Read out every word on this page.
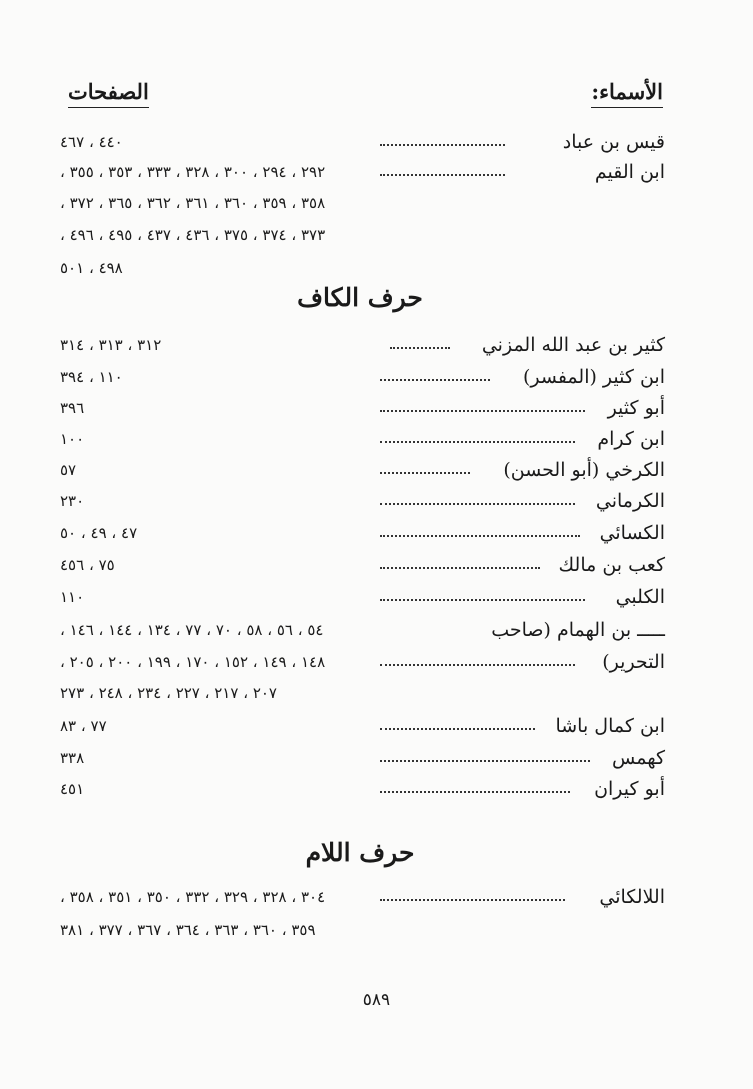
الأسماء:
الصفحات
قيس بن عباد
٤٤٠ ، ٤٦٧
ابن القيم
٢٩٢ ، ٢٩٤ ، ٣٠٠ ، ٣٢٨ ، ٣٣٣ ، ٣٥٣ ، ٣٥٥ ،
٣٥٨ ، ٣٥٩ ، ٣٦٠ ، ٣٦١ ، ٣٦٢ ، ٣٦٥ ، ٣٧٢ ،
٣٧٣ ، ٣٧٤ ، ٣٧٥ ، ٤٣٦ ، ٤٣٧ ، ٤٩٥ ، ٤٩٦ ،
٤٩٨ ، ٥٠١
حرف الكاف
كثير بن عبد الله المزني
٣١٢ ، ٣١٣ ، ٣١٤
ابن كثير (المفسر)
١١٠ ، ٣٩٤
أبو كثير
٣٩٦
ابن كرام
١٠٠
الكرخي (أبو الحسن)
٥٧
الكرماني
٢٣٠
الكسائي
٤٧ ، ٤٩ ، ٥٠
كعب بن مالك
٧٥ ، ٤٥٦
الكلبي
١١٠
ـــــ بن الهمام (صاحب
٥٤ ، ٥٦ ، ٥٨ ، ٧٠ ، ٧٧ ، ١٣٤ ، ١٤٤ ، ١٤٦ ،
التحرير)
١٤٨ ، ١٤٩ ، ١٥٢ ، ١٧٠ ، ١٩٩ ، ٢٠٠ ، ٢٠٥ ،
٢٠٧ ، ٢١٧ ، ٢٢٧ ، ٢٣٤ ، ٢٤٨ ، ٢٧٣
ابن كمال باشا
٧٧ ، ٨٣
كهمس
٣٣٨
أبو كيران
٤٥١
حرف اللام
اللالكائي
٣٠٤ ، ٣٢٨ ، ٣٢٩ ، ٣٣٢ ، ٣٥٠ ، ٣٥١ ، ٣٥٨ ،
٣٥٩ ، ٣٦٠ ، ٣٦٣ ، ٣٦٤ ، ٣٦٧ ، ٣٧٧ ، ٣٨١
٥٨٩
